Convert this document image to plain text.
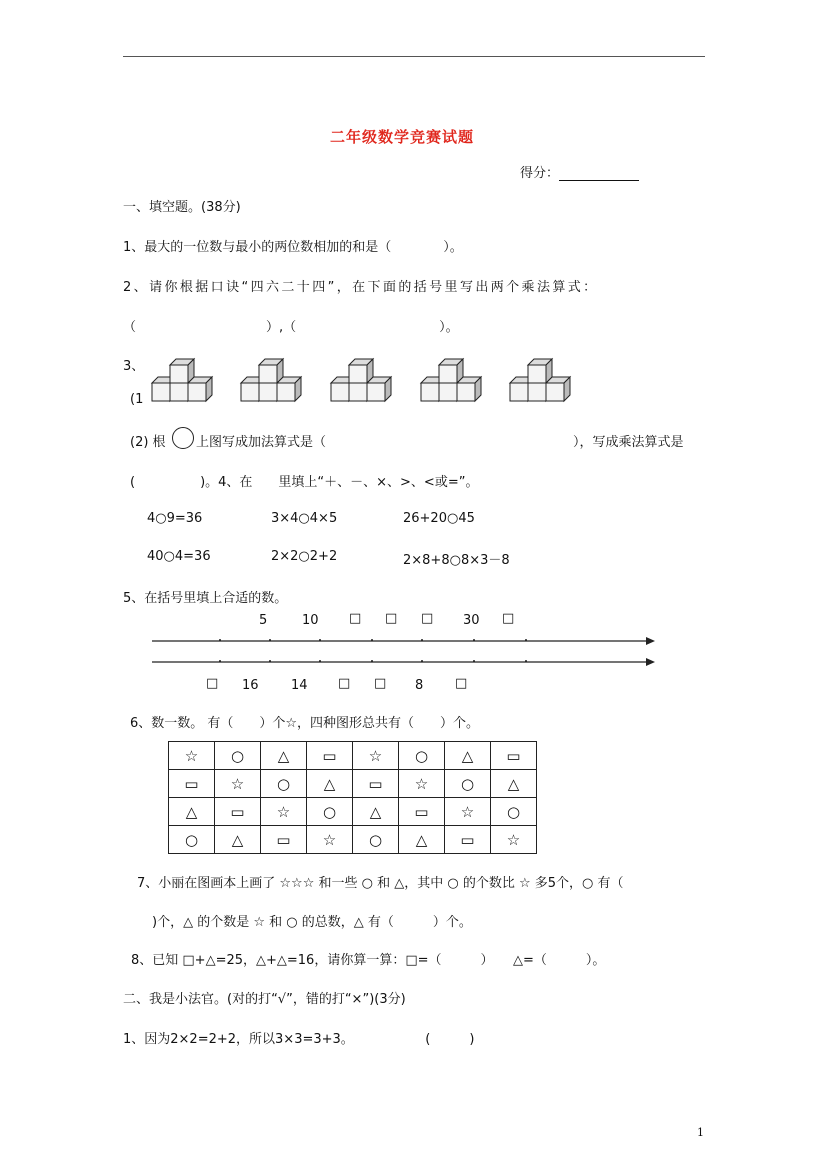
二年级数学竞赛试题
得分：
一、填空题。(38分)
1、最大的一位数与最小的两位数相加的和是（　　　　）。
2、请你根据口诀“四六二十四”，在下面的括号里写出两个乘法算式：
（　　　　　　　　　　）,（　　　　　　　　　　　）。
3、
(1
(2) 根 上图写成加法算式是（　　　　　　　　　　　　　　　　　　　），写成乘法算式是
(　　　　　)。4、在　　里填上“＋、－、×、>、<或=”。
4○9=36	3×4○4×5	26+20○45
40○4=36	2×2○2+2	2×8+8○8×3－8
5、在括号里填上合适的数。
5	10 □ □ □ 30 □
□ 16 14 □ □ 8 □
6、数一数。 有（　　）个☆，四种图形总共有（　　）个。
☆	○	△	▭	☆	○	△	▭
▭	☆	○	△	▭	☆	○	△
△	▭	☆	○	△	▭	☆	○
○	△	▭	☆	○	△	▭	☆
7、小丽在图画本上画了 ☆☆☆ 和一些 ○ 和 △，其中 ○ 的个数比 ☆ 多5个，○ 有（
)个，△ 的个数是 ☆ 和 ○ 的总数，△ 有（　　　）个。
8、已知 □+△=25，△+△=16，请你算一算：□=（　　　）　　△=（　　　）。
二、我是小法官。(对的打“√”，错的打“×”)(3分)
1、因为2×2=2+2，所以3×3=3+3。　　　　　　(　　　)
1
